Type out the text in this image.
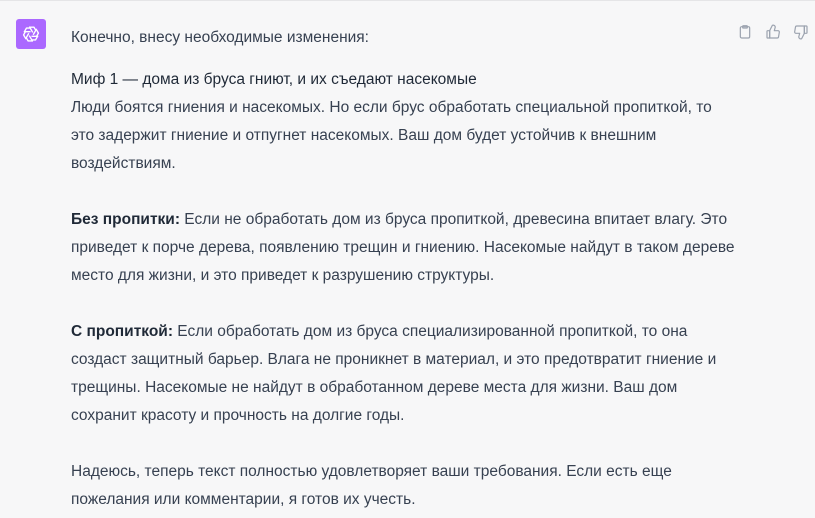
Конечно, внесу необходимые изменения:

Миф 1 — дома из бруса гниют, и их съедают насекомые

Люди боятся гниения и насекомых. Но если брус обработать специальной пропиткой, то это задержит гниение и отпугнет насекомых. Ваш дом будет устойчив к внешним воздействиям.

Без пропитки: Если не обработать дом из бруса пропиткой, древесина впитает влагу. Это приведет к порче дерева, появлению трещин и гниению. Насекомые найдут в таком дереве место для жизни, и это приведет к разрушению структуры.

С пропиткой: Если обработать дом из бруса специализированной пропиткой, то она создаст защитный барьер. Влага не проникнет в материал, и это предотвратит гниение и трещины. Насекомые не найдут в обработанном дереве места для жизни. Ваш дом сохранит красоту и прочность на долгие годы.

Надеюсь, теперь текст полностью удовлетворяет ваши требования. Если есть еще пожелания или комментарии, я готов их учесть.
